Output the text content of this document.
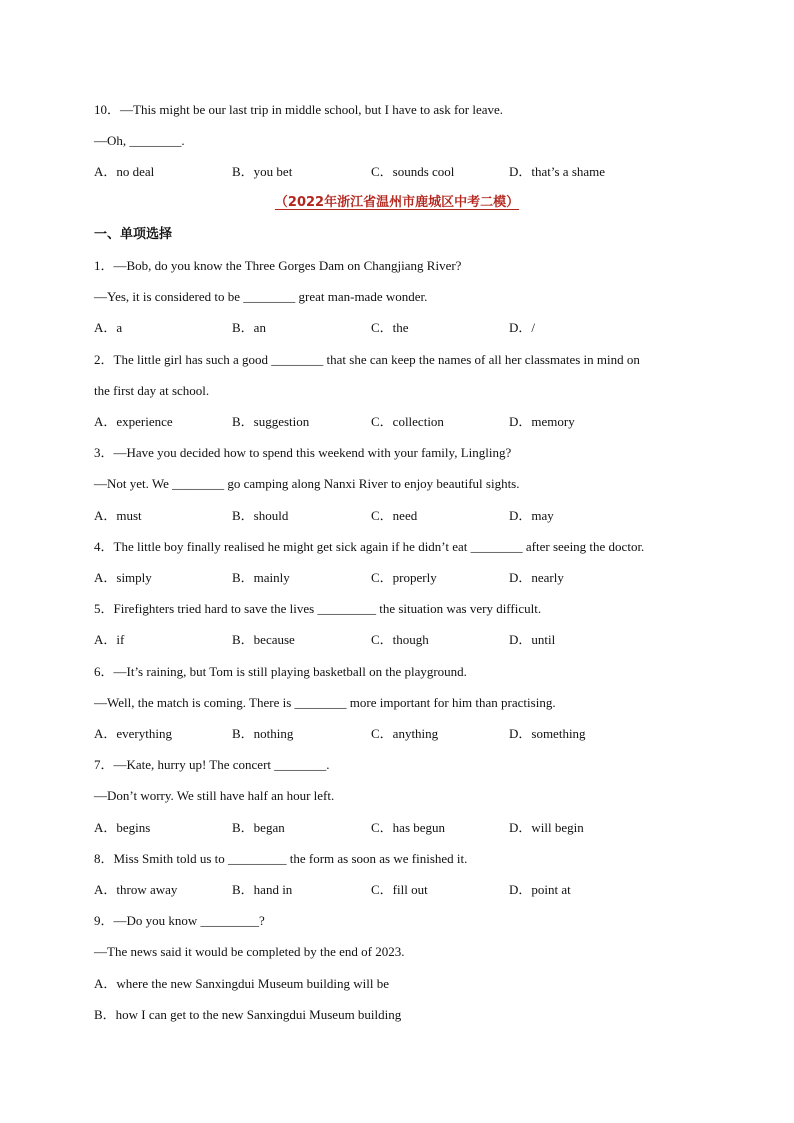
10．—This might be our last trip in middle school, but I have to ask for leave.
—Oh, ________.
A．no deal	B．you bet	C．sounds cool	D．that’s a shame
（2022年浙江省温州市鹿城区中考二模）
一、单项选择
1．—Bob, do you know the Three Gorges Dam on Changjiang River?
—Yes, it is considered to be ________ great man-made wonder.
A．a	B．an	C．the	D．/
2．The little girl has such a good ________ that she can keep the names of all her classmates in mind on
the first day at school.
A．experience	B．suggestion	C．collection	D．memory
3．—Have you decided how to spend this weekend with your family, Lingling?
—Not yet. We ________ go camping along Nanxi River to enjoy beautiful sights.
A．must	B．should	C．need	D．may
4．The little boy finally realised he might get sick again if he didn’t eat ________ after seeing the doctor.
A．simply	B．mainly	C．properly	D．nearly
5．Firefighters tried hard to save the lives _________ the situation was very difficult.
A．if	B．because	C．though	D．until
6．—It’s raining, but Tom is still playing basketball on the playground.
—Well, the match is coming. There is ________ more important for him than practising.
A．everything	B．nothing	C．anything	D．something
7．—Kate, hurry up! The concert ________.
—Don’t worry. We still have half an hour left.
A．begins	B．began	C．has begun	D．will begin
8．Miss Smith told us to _________ the form as soon as we finished it.
A．throw away	B．hand in	C．fill out	D．point at
9．—Do you know _________?
—The news said it would be completed by the end of 2023.
A．where the new Sanxingdui Museum building will be
B．how I can get to the new Sanxingdui Museum building
